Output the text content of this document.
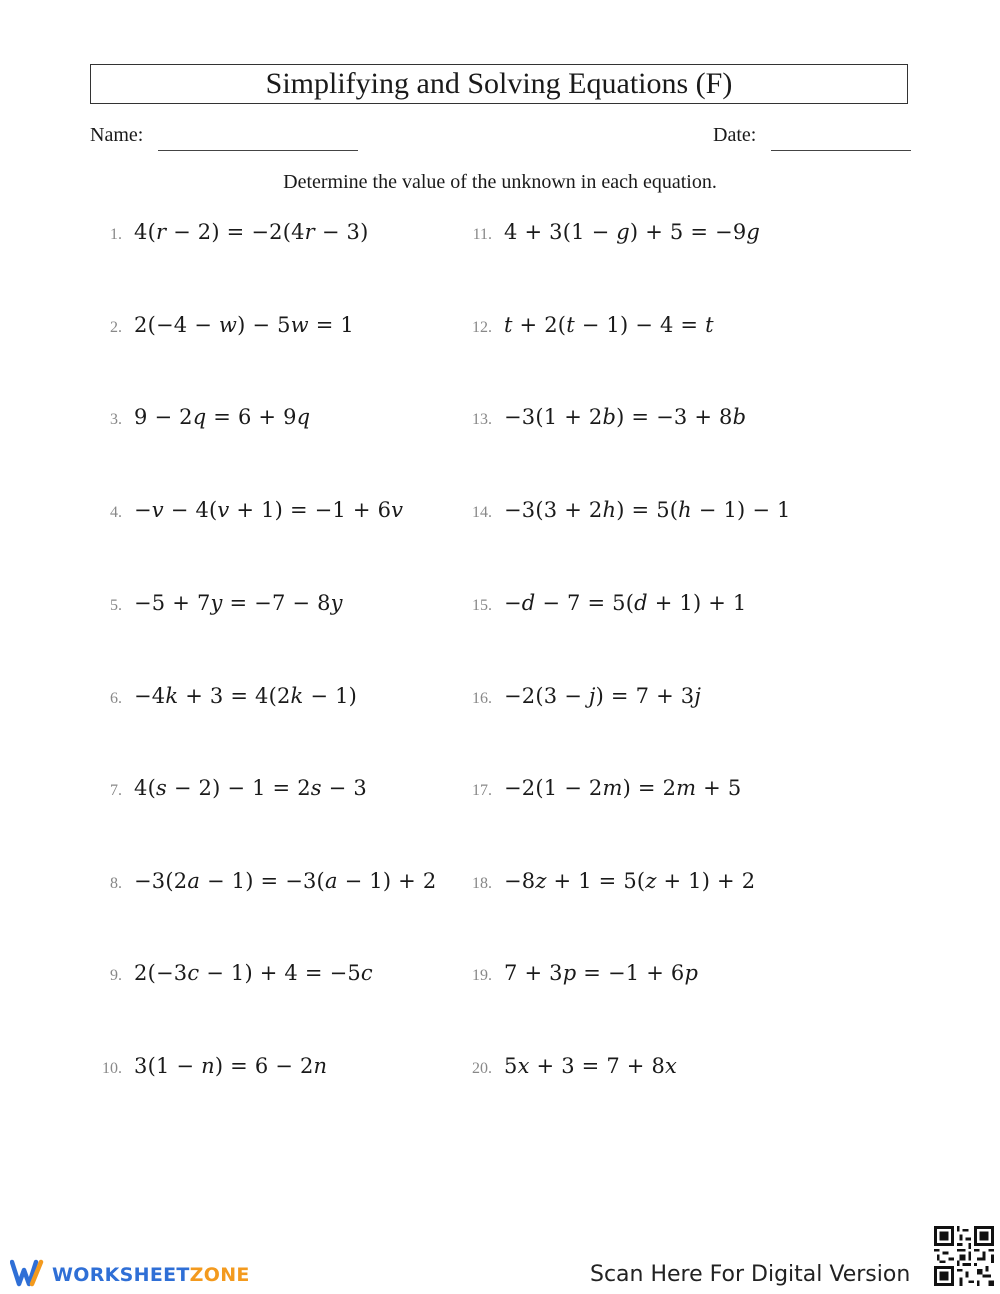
Simplifying and Solving Equations (F)
Name:	Date:
Determine the value of the unknown in each equation.
1. 4(r − 2) = −2(4r − 3)
2. 2(−4 − w) − 5w = 1
3. 9 − 2q = 6 + 9q
4. −v − 4(v + 1) = −1 + 6v
5. −5 + 7y = −7 − 8y
6. −4k + 3 = 4(2k − 1)
7. 4(s − 2) − 1 = 2s − 3
8. −3(2a − 1) = −3(a − 1) + 2
9. 2(−3c − 1) + 4 = −5c
10. 3(1 − n) = 6 − 2n
11. 4 + 3(1 − g) + 5 = −9g
12. t + 2(t − 1) − 4 = t
13. −3(1 + 2b) = −3 + 8b
14. −3(3 + 2h) = 5(h − 1) − 1
15. −d − 7 = 5(d + 1) + 1
16. −2(3 − j) = 7 + 3j
17. −2(1 − 2m) = 2m + 5
18. −8z + 1 = 5(z + 1) + 2
19. 7 + 3p = −1 + 6p
20. 5x + 3 = 7 + 8x
WORKSHEETZONE	Scan Here For Digital Version
